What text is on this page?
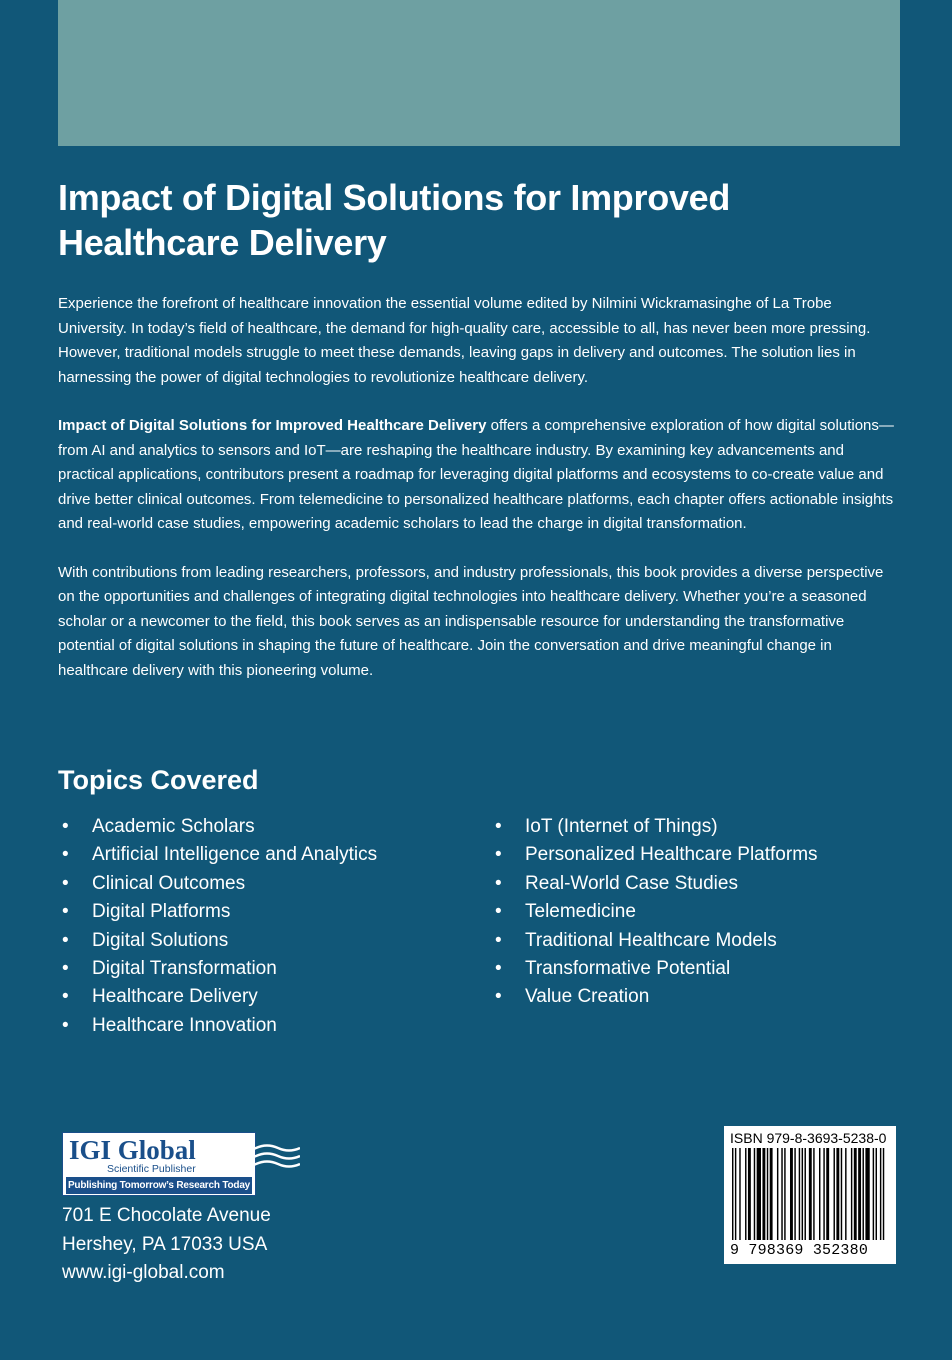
Impact of Digital Solutions for Improved
Healthcare Delivery

Experience the forefront of healthcare innovation the essential volume edited by Nilmini Wickramasinghe of La Trobe University. In today’s field of healthcare, the demand for high-quality care, accessible to all, has never been more pressing. However, traditional models struggle to meet these demands, leaving gaps in delivery and outcomes. The solution lies in harnessing the power of digital technologies to revolutionize healthcare delivery.

Impact of Digital Solutions for Improved Healthcare Delivery offers a comprehensive exploration of how digital solutions—from AI and analytics to sensors and IoT—are reshaping the healthcare industry. By examining key advancements and practical applications, contributors present a roadmap for leveraging digital platforms and ecosystems to co-create value and drive better clinical outcomes. From telemedicine to personalized healthcare platforms, each chapter offers actionable insights and real-world case studies, empowering academic scholars to lead the charge in digital transformation.

With contributions from leading researchers, professors, and industry professionals, this book provides a diverse perspective on the opportunities and challenges of integrating digital technologies into healthcare delivery. Whether you’re a seasoned scholar or a newcomer to the field, this book serves as an indispensable resource for understanding the transformative potential of digital solutions in shaping the future of healthcare. Join the conversation and drive meaningful change in healthcare delivery with this pioneering volume.

Topics Covered
• Academic Scholars
• Artificial Intelligence and Analytics
• Clinical Outcomes
• Digital Platforms
• Digital Solutions
• Digital Transformation
• Healthcare Delivery
• Healthcare Innovation
• IoT (Internet of Things)
• Personalized Healthcare Platforms
• Real-World Case Studies
• Telemedicine
• Traditional Healthcare Models
• Transformative Potential
• Value Creation
IGI Global
Scientific Publisher
Publishing Tomorrow’s Research Today
701 E Chocolate Avenue
Hershey, PA 17033 USA
www.igi-global.com
ISBN 979-8-3693-5238-0
9 798369 352380
